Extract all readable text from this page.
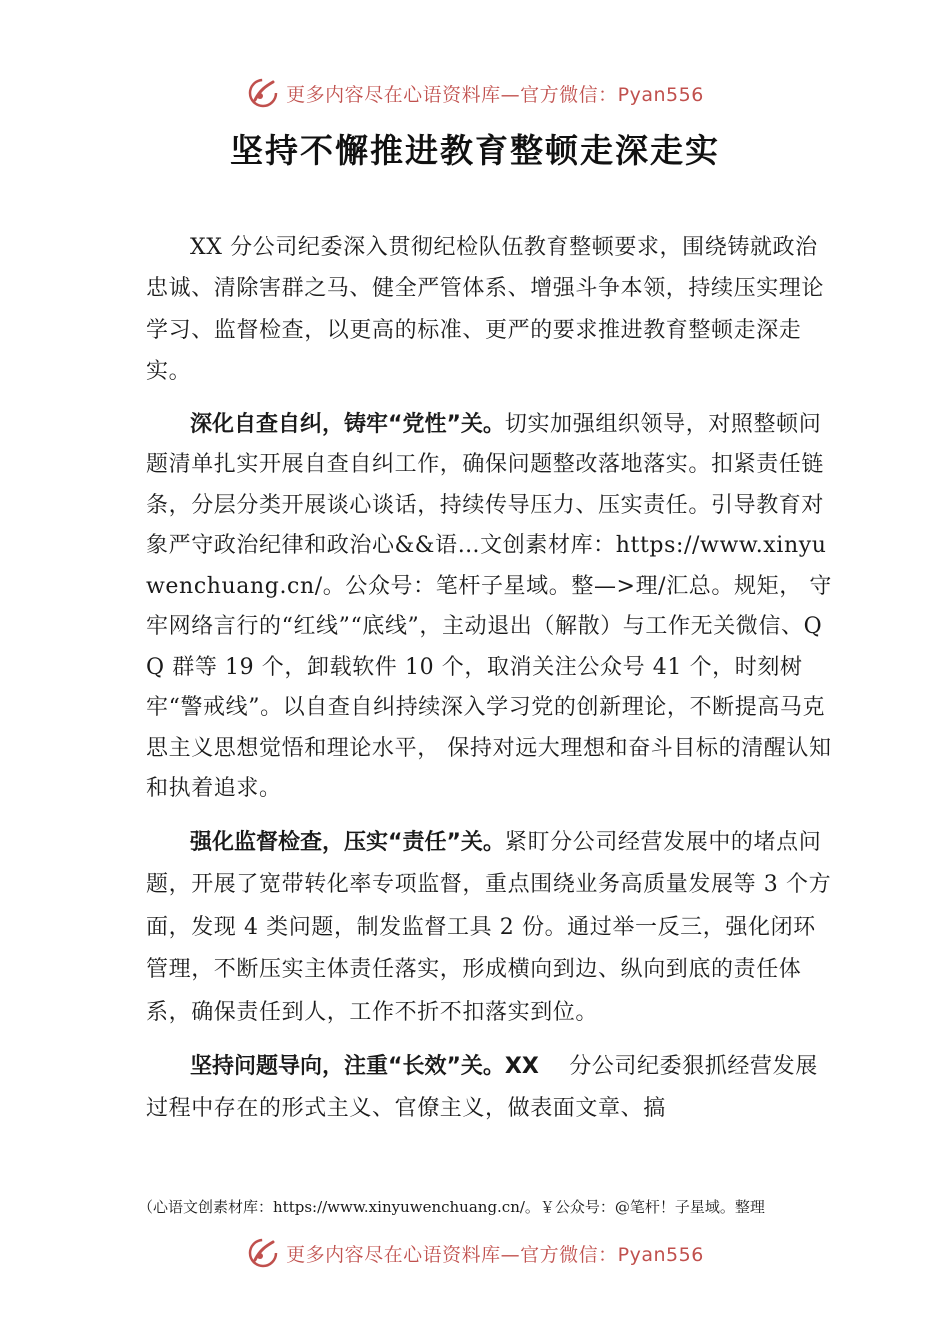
更多内容尽在心语资料库—官方微信：Pyan556
坚持不懈推进教育整顿走深走实

XX 分公司纪委深入贯彻纪检队伍教育整顿要求，围绕铸就政治忠诚、清除害群之马、健全严管体系、增强斗争本领，持续压实理论学习、监督检查，以更高的标准、更严的要求推进教育整顿走深走实。

深化自查自纠，铸牢“党性”关。切实加强组织领导，对照整顿问题清单扎实开展自查自纠工作，确保问题整改落地落实。扣紧责任链条，分层分类开展谈心谈话，持续传导压力、压实责任。引导教育对象严守政治纪律和政治心&&语…文创素材库：https://www.xinyuwenchuang.cn/。公众号：笔杆子星域。整—>理/汇总。规矩， 守牢网络言行的“红线”“底线”，主动退出（解散）与工作无关微信、QQ 群等 19 个，卸载软件 10 个，取消关注公众号 41 个，时刻树牢“警戒线”。以自查自纠持续深入学习党的创新理论，不断提高马克思主义思想觉悟和理论水平， 保持对远大理想和奋斗目标的清醒认知和执着追求。

强化监督检查，压实“责任”关。紧盯分公司经营发展中的堵点问题，开展了宽带转化率专项监督，重点围绕业务高质量发展等 3 个方面，发现 4 类问题，制发监督工具 2 份。通过举一反三，强化闭环管理，不断压实主体责任落实，形成横向到边、纵向到底的责任体系，确保责任到人，工作不折不扣落实到位。

坚持问题导向，注重“长效”关。XX    分公司纪委狠抓经营发展过程中存在的形式主义、官僚主义，做表面文章、搞

（心语文创素材库：https://www.xinyuwenchuang.cn/。￥公众号：@笔杆！子星域。整理
更多内容尽在心语资料库—官方微信：Pyan556
